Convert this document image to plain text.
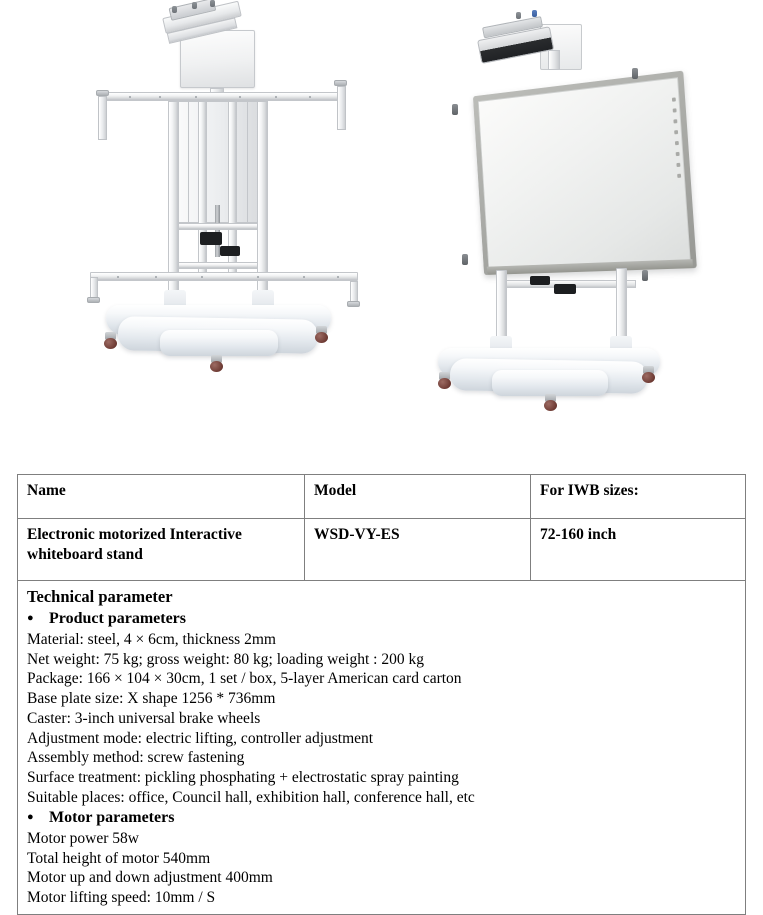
Name	Model	For IWB sizes:
Electronic motorized Interactive whiteboard stand	WSD-VY-ES	72-160 inch

Technical parameter

●
Product parameters

Material: steel, 4 × 6cm, thickness 2mm

Net weight: 75 kg; gross weight: 80 kg; loading weight : 200 kg

Package: 166 × 104 × 30cm, 1 set / box, 5-layer American card carton

Base plate size: X shape 1256 * 736mm

Caster: 3-inch universal brake wheels

Adjustment mode: electric lifting, controller adjustment

Assembly method: screw fastening

Surface treatment: pickling phosphating + electrostatic spray painting

Suitable places: office, Council hall, exhibition hall, conference hall, etc

●
Motor parameters

Motor power 58w

Total height of motor 540mm

Motor up and down adjustment 400mm

Motor lifting speed: 10mm / S
